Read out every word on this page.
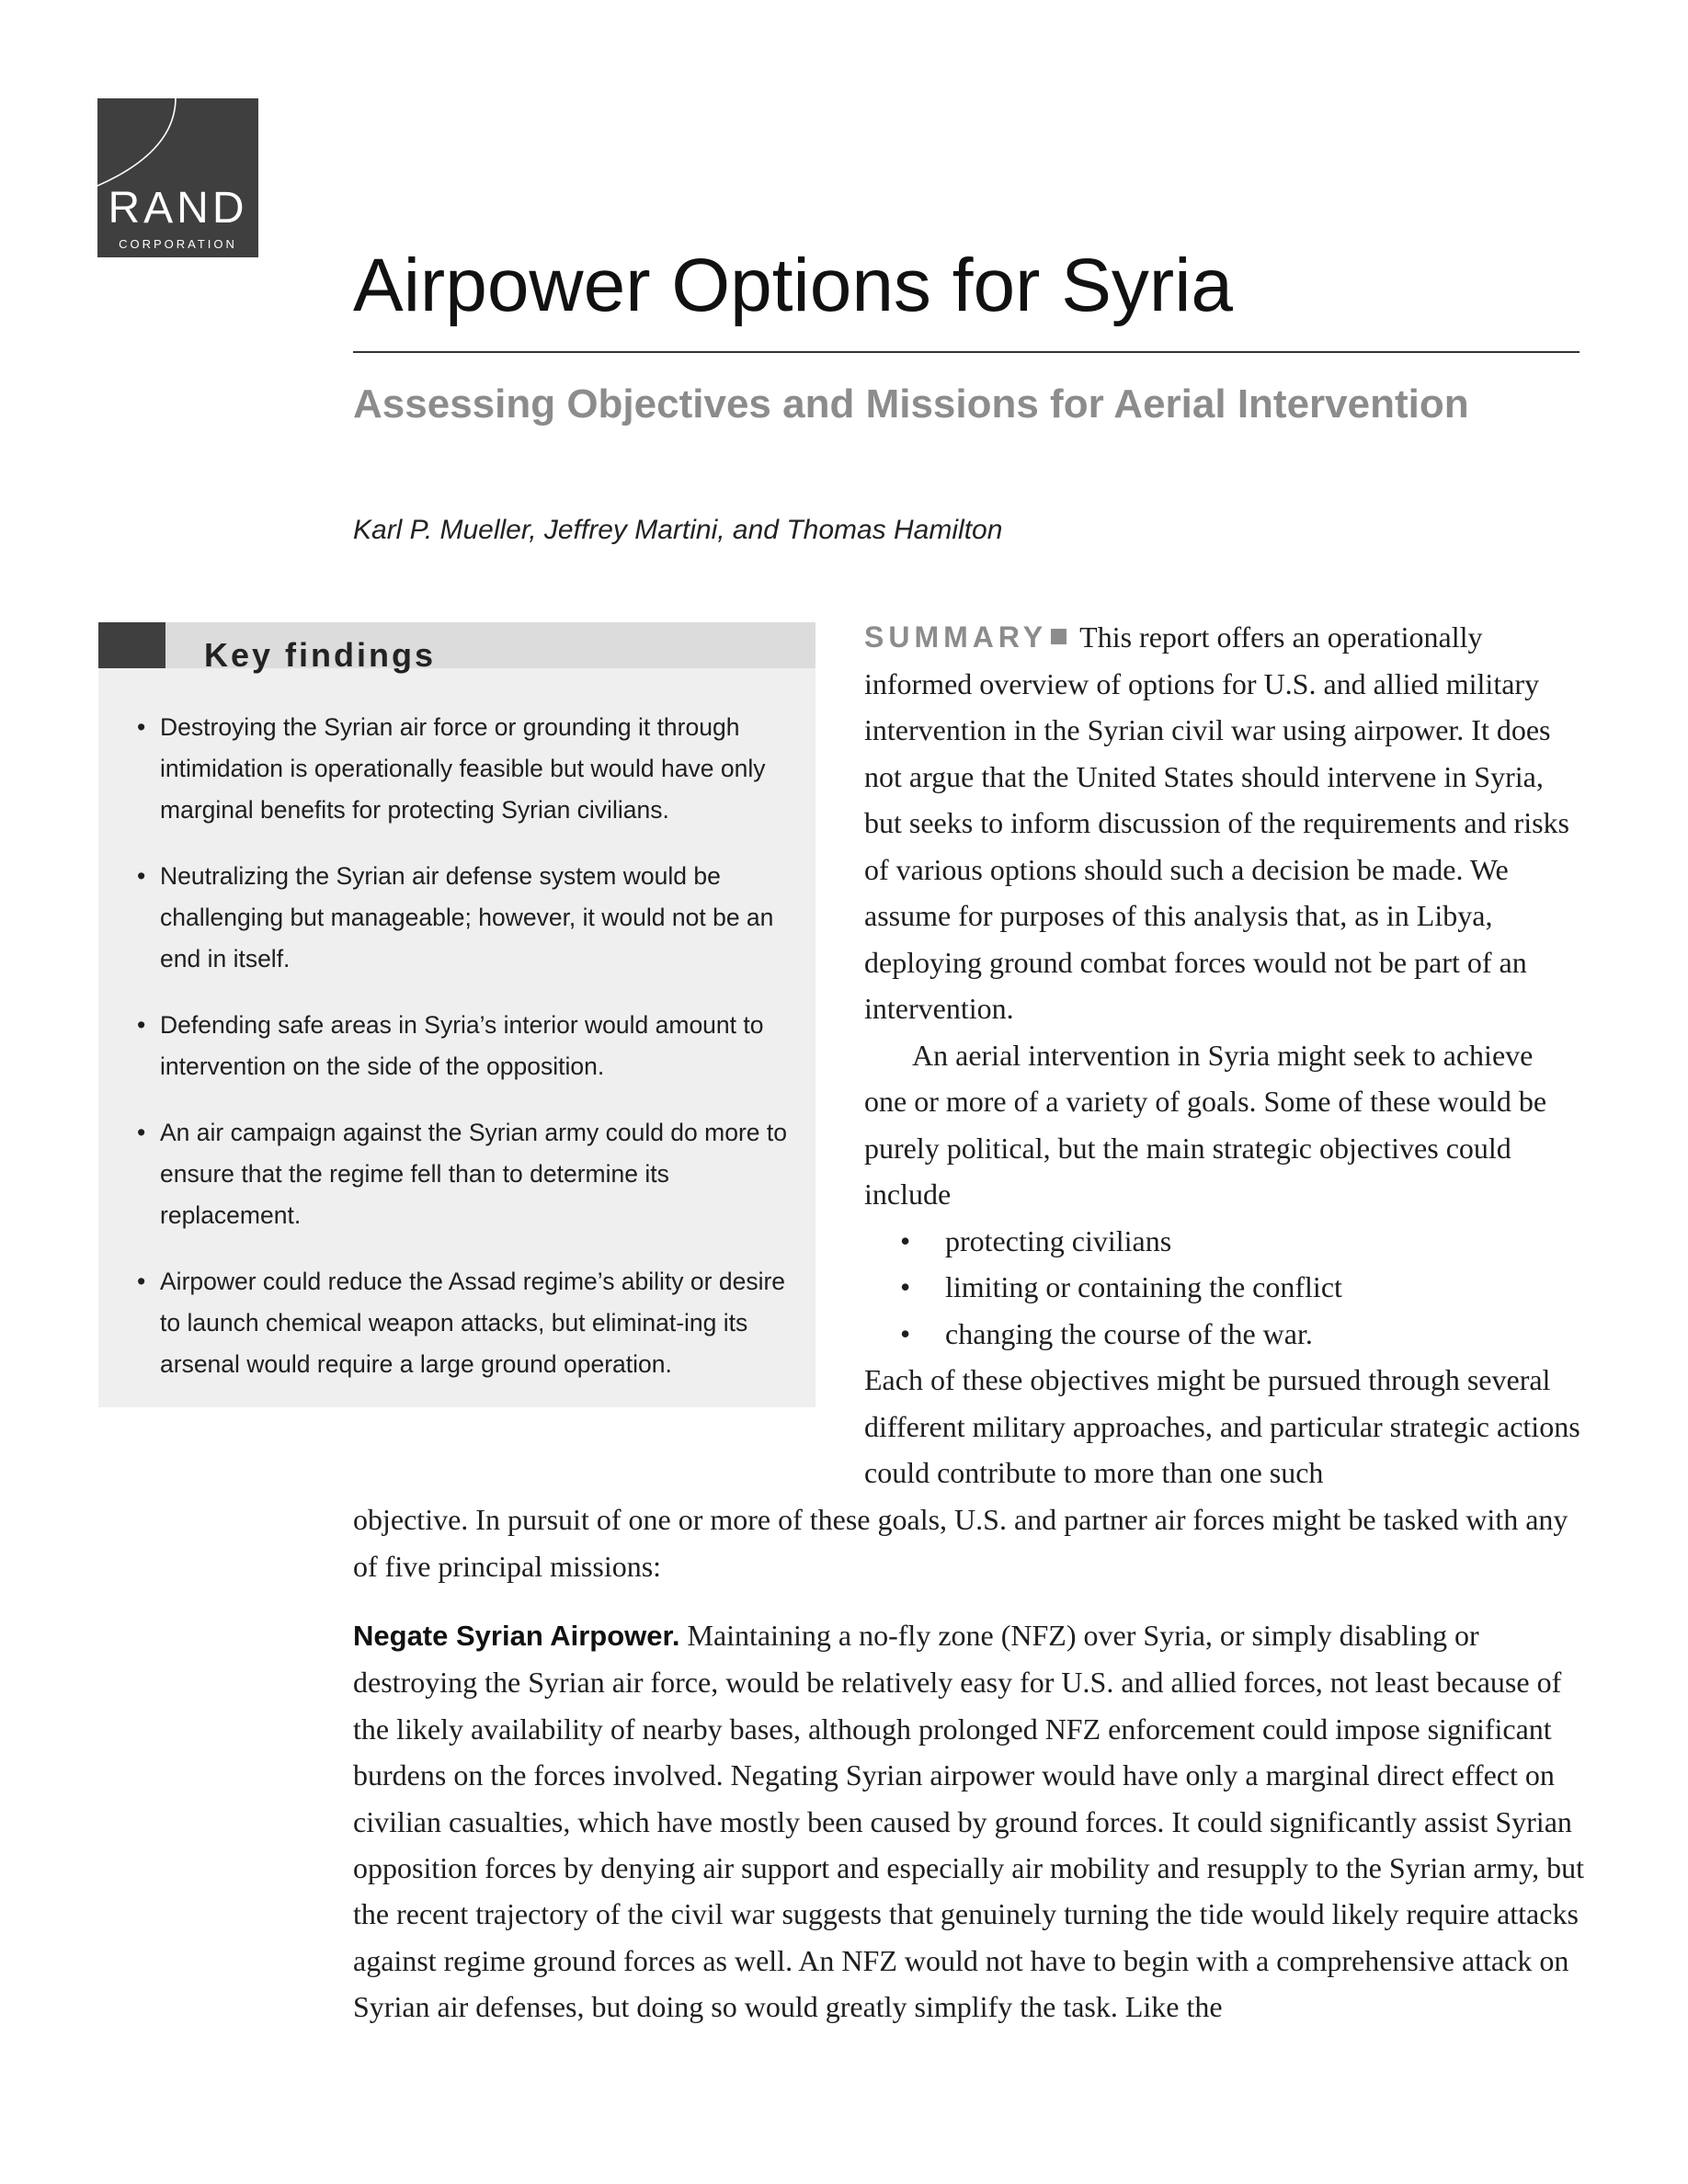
RAND
CORPORATION Airpower Options for Syria
Assessing Objectives and Missions for Aerial Intervention
Karl P. Mueller, Jeffrey Martini, and Thomas Hamilton
Key findings
• Destroying the Syrian air force or grounding it through intimidation is operationally feasible but would have only marginal benefits for protecting Syrian civilians.
• Neutralizing the Syrian air defense system would be challenging but manageable; however, it would not be an end in itself.
• Defending safe areas in Syria’s interior would amount to intervention on the side of the opposition.
• An air campaign against the Syrian army could do more to ensure that the regime fell than to determine its replacement.
• Airpower could reduce the Assad regime’s ability or desire to launch chemical weapon attacks, but eliminat-ing its arsenal would require a large ground operation.

SUMMARY This report offers an operationally informed overview of options for U.S. and allied military intervention in the Syrian civil war using airpower. It does not argue that the United States should intervene in Syria, but seeks to inform discussion of the requirements and risks of various options should such a decision be made. We assume for purposes of this analysis that, as in Libya, deploying ground combat forces would not be part of an intervention.

An aerial intervention in Syria might seek to achieve one or more of a variety of goals. Some of these would be purely political, but the main strategic objectives could include

• protecting civilians
• limiting or containing the conflict
• changing the course of the war.

Each of these objectives might be pursued through several different military approaches, and particular strategic actions could contribute to more than one such

objective. In pursuit of one or more of these goals, U.S. and partner air forces might be tasked with any of five principal missions:

Negate Syrian Airpower. Maintaining a no-fly zone (NFZ) over Syria, or simply disabling or destroying the Syrian air force, would be relatively easy for U.S. and allied forces, not least because of the likely availability of nearby bases, although prolonged NFZ enforcement could impose significant burdens on the forces involved. Negating Syrian airpower would have only a marginal direct effect on civilian casualties, which have mostly been caused by ground forces. It could significantly assist Syrian opposition forces by denying air support and especially air mobility and resupply to the Syrian army, but the recent trajectory of the civil war suggests that genuinely turning the tide would likely require attacks against regime ground forces as well. An NFZ would not have to begin with a comprehensive attack on Syrian air defenses, but doing so would greatly simplify the task. Like the
